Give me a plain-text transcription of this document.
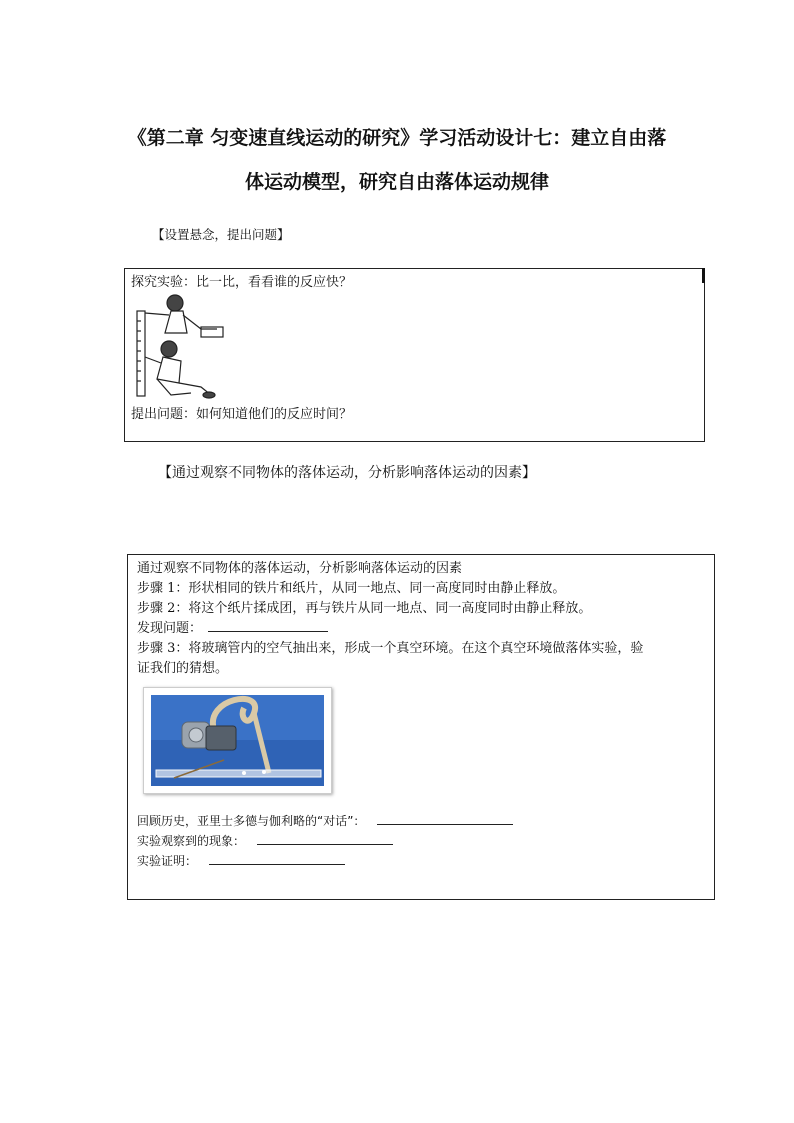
《第二章 匀变速直线运动的研究》学习活动设计七：建立自由落
体运动模型，研究自由落体运动规律
【设置悬念，提出问题】
探究实验：比一比，看看谁的反应快？
提出问题：如何知道他们的反应时间？
【通过观察不同物体的落体运动，分析影响落体运动的因素】
通过观察不同物体的落体运动，分析影响落体运动的因素
步骤 1：形状相同的铁片和纸片，从同一地点、同一高度同时由静止释放。
步骤 2：将这个纸片揉成团，再与铁片从同一地点、同一高度同时由静止释放。
发现问题：
步骤 3：将玻璃管内的空气抽出来，形成一个真空环境。在这个真空环境做落体实验，验
证我们的猜想。
回顾历史，亚里士多德与伽利略的“对话”：
实验观察到的现象：
实验证明：
